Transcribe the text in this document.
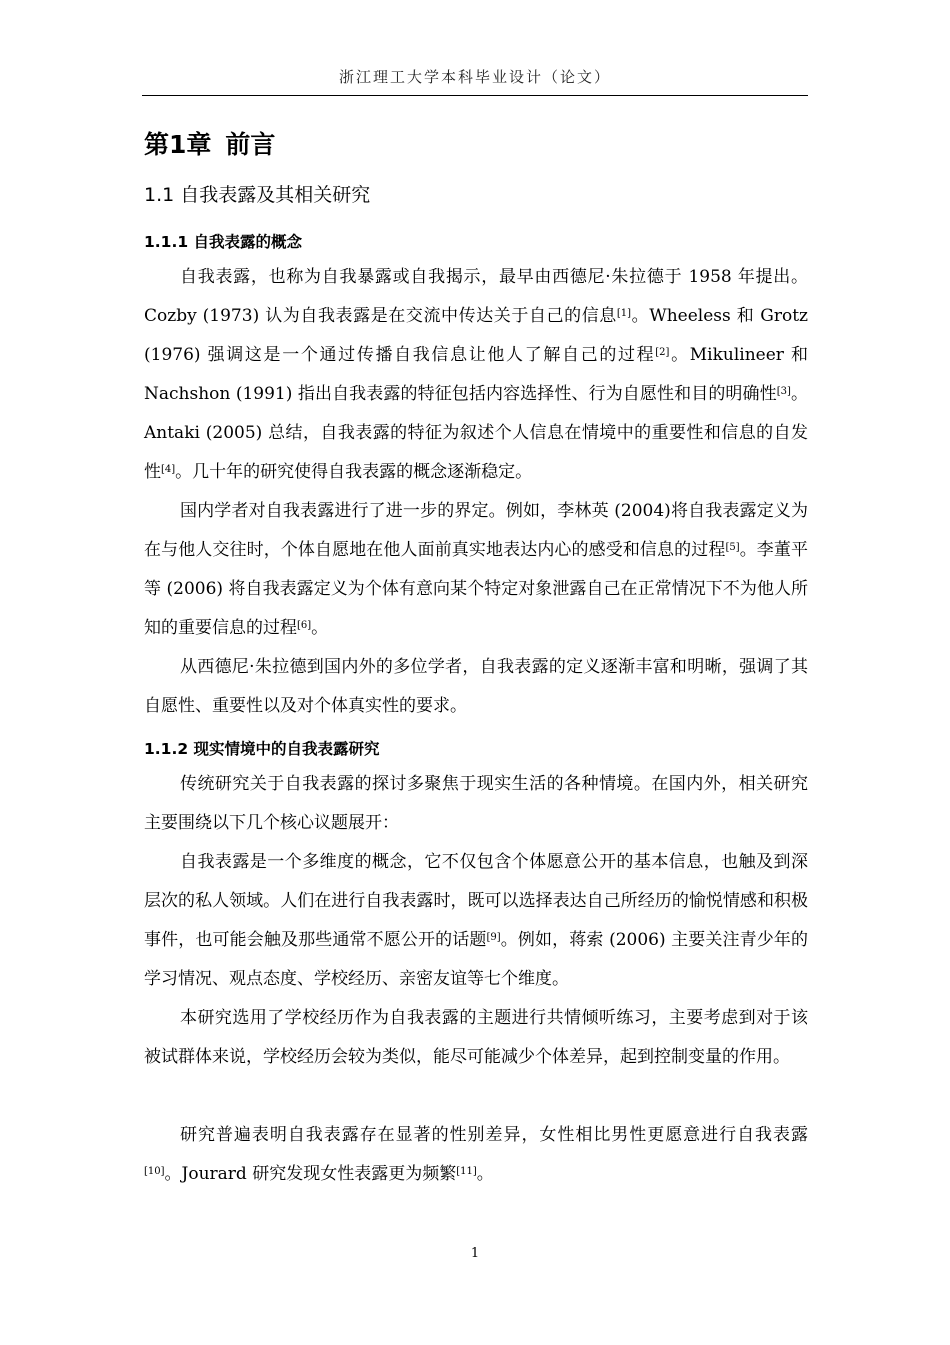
浙江理工大学本科毕业设计（论文）
第1章 前言
1.1 自我表露及其相关研究
1.1.1 自我表露的概念
自我表露，也称为自我暴露或自我揭示，最早由西德尼·朱拉德于 1958 年提出。Cozby (1973) 认为自我表露是在交流中传达关于自己的信息[1]。Wheeless 和 Grotz (1976) 强调这是一个通过传播自我信息让他人了解自己的过程[2]。Mikulineer 和 Nachshon (1991) 指出自我表露的特征包括内容选择性、行为自愿性和目的明确性[3]。Antaki (2005) 总结，自我表露的特征为叙述个人信息在情境中的重要性和信息的自发性[4]。几十年的研究使得自我表露的概念逐渐稳定。
国内学者对自我表露进行了进一步的界定。例如，李林英 (2004)将自我表露定义为在与他人交往时，个体自愿地在他人面前真实地表达内心的感受和信息的过程[5]。李董平等 (2006) 将自我表露定义为个体有意向某个特定对象泄露自己在正常情况下不为他人所知的重要信息的过程[6]。
从西德尼·朱拉德到国内外的多位学者，自我表露的定义逐渐丰富和明晰，强调了其自愿性、重要性以及对个体真实性的要求。
1.1.2 现实情境中的自我表露研究
传统研究关于自我表露的探讨多聚焦于现实生活的各种情境。在国内外，相关研究主要围绕以下几个核心议题展开：
自我表露是一个多维度的概念，它不仅包含个体愿意公开的基本信息，也触及到深层次的私人领域。人们在进行自我表露时，既可以选择表达自己所经历的愉悦情感和积极事件，也可能会触及那些通常不愿公开的话题[9]。例如，蒋索 (2006) 主要关注青少年的学习情况、观点态度、学校经历、亲密友谊等七个维度。
本研究选用了学校经历作为自我表露的主题进行共情倾听练习，主要考虑到对于该被试群体来说，学校经历会较为类似，能尽可能减少个体差异，起到控制变量的作用。
研究普遍表明自我表露存在显著的性别差异，女性相比男性更愿意进行自我表露[10]。Jourard 研究发现女性表露更为频繁[11]。
1
